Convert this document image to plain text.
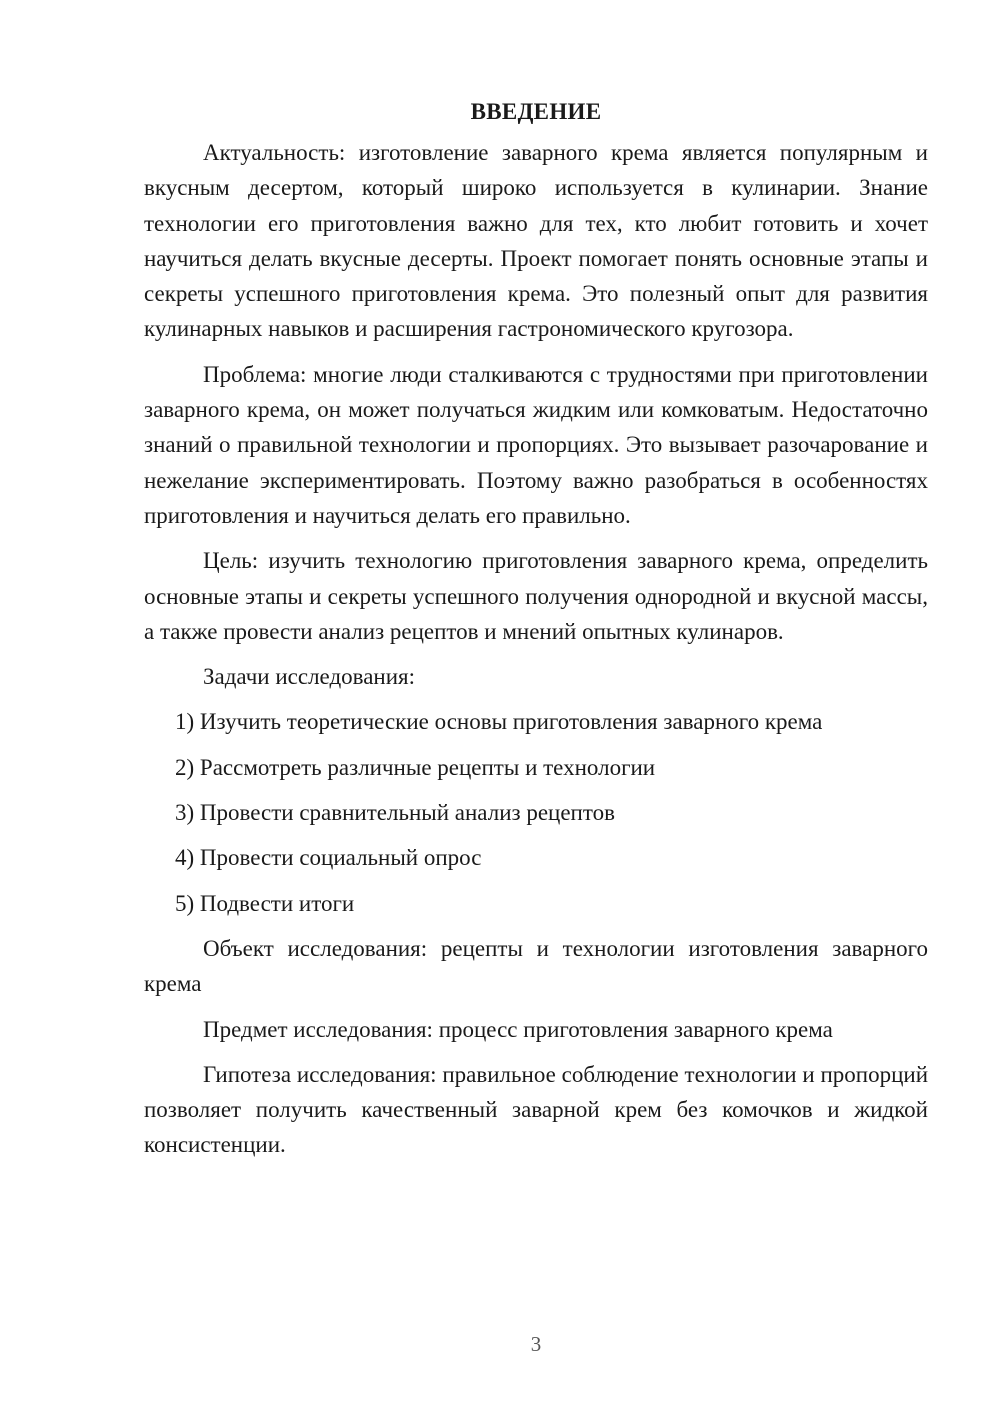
ВВЕДЕНИЕ

Актуальность: изготовление заварного крема является популярным и вкусным десертом, который широко используется в кулинарии. Знание технологии его приготовления важно для тех, кто любит готовить и хочет научиться делать вкусные десерты. Проект помогает понять основные этапы и секреты успешного приготовления крема. Это полезный опыт для развития кулинарных навыков и расширения гастрономического кругозора.

Проблема: многие люди сталкиваются с трудностями при приготовлении заварного крема, он может получаться жидким или комковатым. Недостаточно знаний о правильной технологии и пропорциях. Это вызывает разочарование и нежелание экспериментировать. Поэтому важно разобраться в особенностях приготовления и научиться делать его правильно.

Цель: изучить технологию приготовления заварного крема, определить основные этапы и секреты успешного получения однородной и вкусной массы, а также провести анализ рецептов и мнений опытных кулинаров.

Задачи исследования:

1) Изучить теоретические основы приготовления заварного крема
2) Рассмотреть различные рецепты и технологии
3) Провести сравнительный анализ рецептов
4) Провести социальный опрос
5) Подвести итоги

Объект исследования: рецепты и технологии изготовления заварного крема

Предмет исследования: процесс приготовления заварного крема

Гипотеза исследования: правильное соблюдение технологии и пропорций позволяет получить качественный заварной крем без комочков и жидкой консистенции.

3
